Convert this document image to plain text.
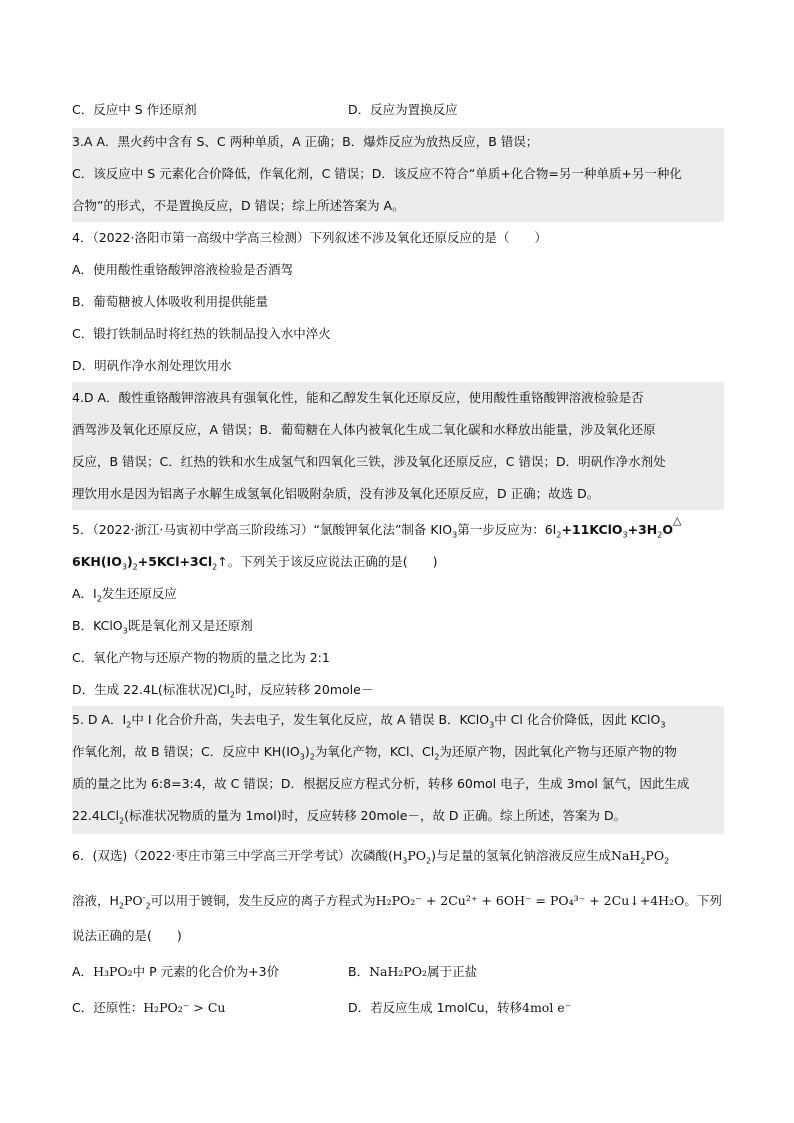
C．反应中 S 作还原剂	D．反应为置换反应
3.A A．黑火药中含有 S、C 两种单质，A 正确；B．爆炸反应为放热反应，B 错误；
C．该反应中 S 元素化合价降低，作氧化剂，C 错误；D．该反应不符合“单质+化合物=另一种单质+另一种化
合物”的形式，不是置换反应，D 错误；综上所述答案为 A。
4．（2022·洛阳市第一高级中学高三检测）下列叙述不涉及氧化还原反应的是（　　）
A．使用酸性重铬酸钾溶液检验是否酒驾
B．葡萄糖被人体吸收利用提供能量
C．锻打铁制品时将红热的铁制品投入水中淬火
D．明矾作净水剂处理饮用水
4.D A．酸性重铬酸钾溶液具有强氧化性，能和乙醇发生氧化还原反应，使用酸性重铬酸钾溶液检验是否
酒驾涉及氧化还原反应，A 错误；B．葡萄糖在人体内被氧化生成二氧化碳和水释放出能量，涉及氧化还原
反应，B 错误；C．红热的铁和水生成氢气和四氧化三铁，涉及氧化还原反应，C 错误；D．明矾作净水剂处
理饮用水是因为铝离子水解生成氢氧化铝吸附杂质，没有涉及氧化还原反应，D 正确；故选 D。
5．（2022·浙江·马寅初中学高三阶段练习）“氯酸钾氧化法”制备 $KIO_3$第一步反应为：$6I_2+11KClO_3+3H_2O\triangle$
$6KH(IO_3)_2+5KCl+3Cl_2↑$。下列关于该反应说法正确的是(　　)
A．$I_2$发生还原反应
B．KClO$_3$既是氧化剂又是还原剂
C．氧化产物与还原产物的物质的量之比为 2:1
D．生成 22.4L(标准状况)$Cl_2$时，反应转移 20mole－
5. D A．$I_2$中 I 化合价升高，失去电子，发生氧化反应，故 A 错误 B．KClO$_3$中 Cl 化合价降低，因此 KClO$_3$
作氧化剂，故 B 错误；C．反应中 $KH(IO_3)_2$为氧化产物，KCl、$Cl_2$为还原产物，因此氧化产物与还原产物的物
质的量之比为 6:8=3:4，故 C 错误；D．根据反应方程式分析，转移 60mol 电子，生成 3mol 氯气，因此生成
22.4LCl$_2$(标准状况物质的量为 1mol)时，反应转移 20mole－，故 D 正确。综上所述，答案为 D。
6．(双选)（2022·枣庄市第三中学高三开学考试）次磷酸$(H_3PO_2)$与足量的氢氧化钠溶液反应生成$NaH_2PO_2$
溶液，$H_2PO^-_2$可以用于镀铜，发生反应的离子方程式为H₂PO₂⁻ + 2Cu²⁺ + 6OH⁻ = PO₄³⁻ + 2Cu↓+4H₂O。下列
说法正确的是(　　)
A．H₃PO₂中 P 元素的化合价为+3价	B．NaH₂PO₂属于正盐
C．还原性：H₂PO₂⁻ > Cu	D．若反应生成 1molCu，转移4mol e⁻
